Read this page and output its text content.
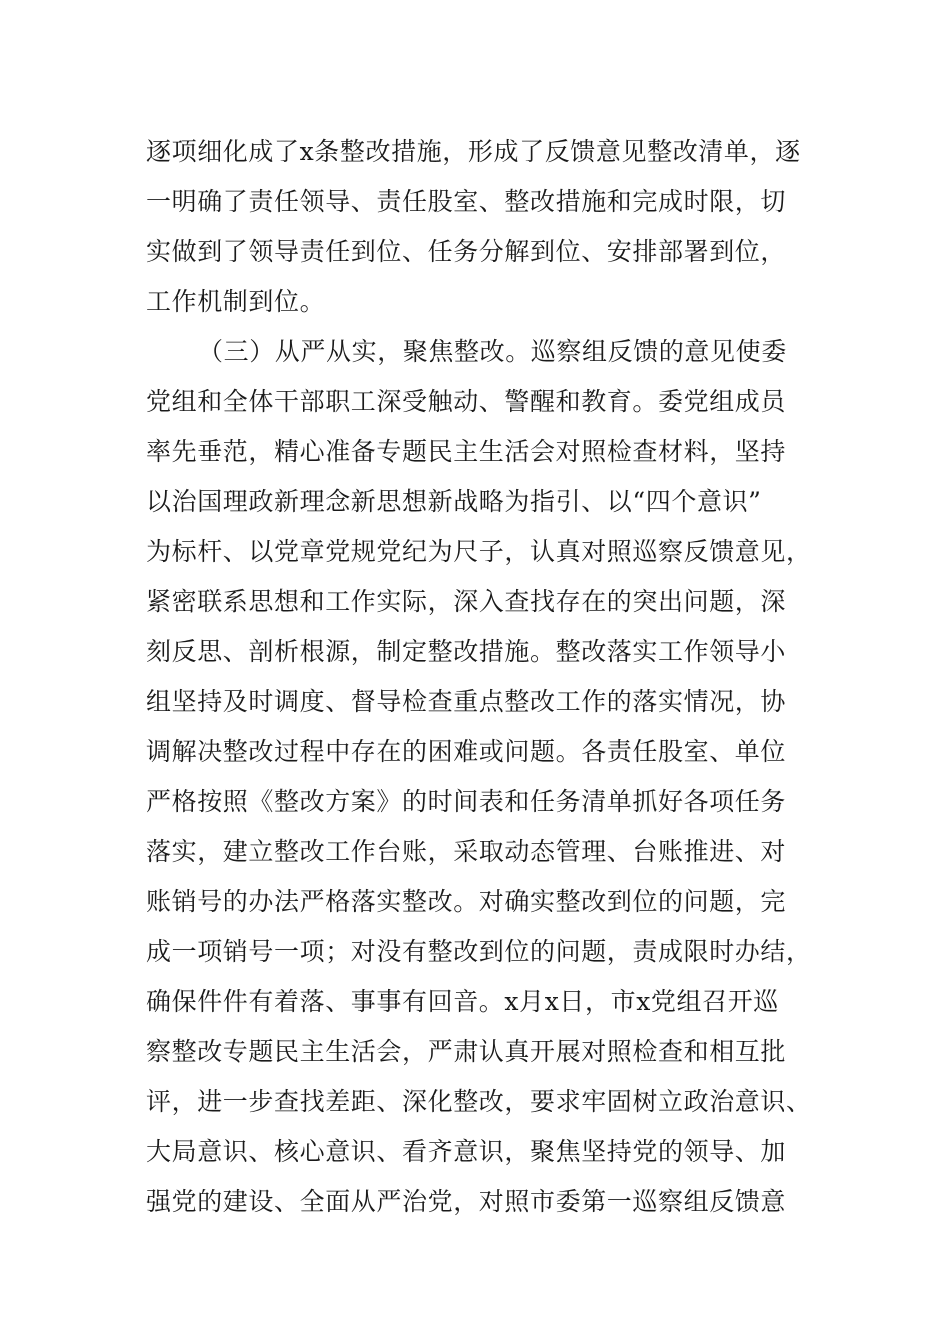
逐项细化成了x条整改措施，形成了反馈意见整改清单，逐
一明确了责任领导、责任股室、整改措施和完成时限，切
实做到了领导责任到位、任务分解到位、安排部署到位，
工作机制到位。
（三）从严从实，聚焦整改。巡察组反馈的意见使委
党组和全体干部职工深受触动、警醒和教育。委党组成员
率先垂范，精心准备专题民主生活会对照检查材料，坚持
以治国理政新理念新思想新战略为指引、以“四个意识”
为标杆、以党章党规党纪为尺子，认真对照巡察反馈意见，
紧密联系思想和工作实际，深入查找存在的突出问题，深
刻反思、剖析根源，制定整改措施。整改落实工作领导小
组坚持及时调度、督导检查重点整改工作的落实情况，协
调解决整改过程中存在的困难或问题。各责任股室、单位
严格按照《整改方案》的时间表和任务清单抓好各项任务
落实，建立整改工作台账，采取动态管理、台账推进、对
账销号的办法严格落实整改。对确实整改到位的问题，完
成一项销号一项；对没有整改到位的问题，责成限时办结，
确保件件有着落、事事有回音。x月x日，市x党组召开巡
察整改专题民主生活会，严肃认真开展对照检查和相互批
评，进一步查找差距、深化整改，要求牢固树立政治意识、
大局意识、核心意识、看齐意识，聚焦坚持党的领导、加
强党的建设、全面从严治党，对照市委第一巡察组反馈意
